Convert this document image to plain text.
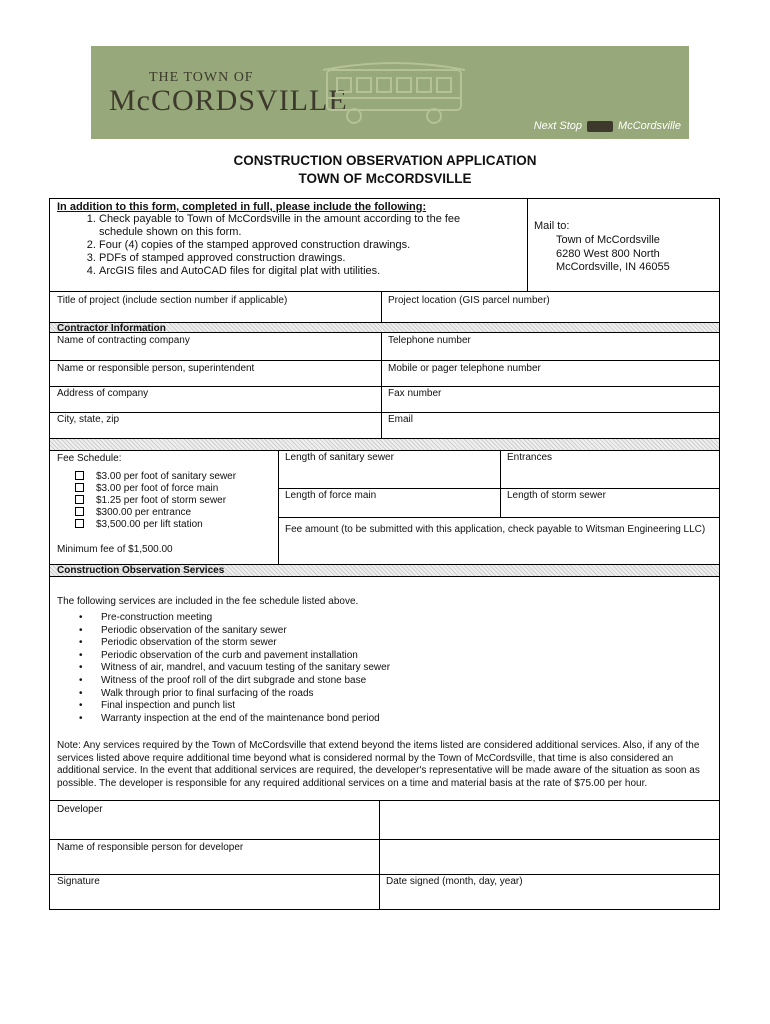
THE TOWN OF
McCORDSVILLE
Next Stop	McCordsville
CONSTRUCTION OBSERVATION APPLICATION
TOWN OF McCORDSVILLE
In addition to this form, completed in full, please include the following:
1. Check payable to Town of McCordsville in the amount according to the fee schedule shown on this form.
2. Four (4) copies of the stamped approved construction drawings.
3. PDFs of stamped approved construction drawings.
4. ArcGIS files and AutoCAD files for digital plat with utilities.
Mail to:
Town of McCordsville
6280 West 800 North
McCordsville, IN 46055
Title of project (include section number if applicable)	Project location (GIS parcel number)
Contractor Information
Name of contracting company	Telephone number
Name or responsible person, superintendent	Mobile or pager telephone number
Address of company	Fax number
City, state, zip	Email
Fee Schedule:
$3.00 per foot of sanitary sewer
$3.00 per foot of force main
$1.25 per foot of storm sewer
$300.00 per entrance
$3,500.00 per lift station
Minimum fee of $1,500.00
Length of sanitary sewer	Entrances
Length of force main	Length of storm sewer
Fee amount (to be submitted with this application, check payable to Witsman Engineering LLC)
Construction Observation Services
The following services are included in the fee schedule listed above.
• Pre-construction meeting
• Periodic observation of the sanitary sewer
• Periodic observation of the storm sewer
• Periodic observation of the curb and pavement installation
• Witness of air, mandrel, and vacuum testing of the sanitary sewer
• Witness of the proof roll of the dirt subgrade and stone base
• Walk through prior to final surfacing of the roads
• Final inspection and punch list
• Warranty inspection at the end of the maintenance bond period
Note: Any services required by the Town of McCordsville that extend beyond the items listed are considered additional services. Also, if any of the services listed above require additional time beyond what is considered normal by the Town of McCordsville, that time is also considered an additional service. In the event that additional services are required, the developer's representative will be made aware of the situation as soon as possible. The developer is responsible for any required additional services on a time and material basis at the rate of $75.00 per hour.
Developer
Name of responsible person for developer
Signature	Date signed (month, day, year)
